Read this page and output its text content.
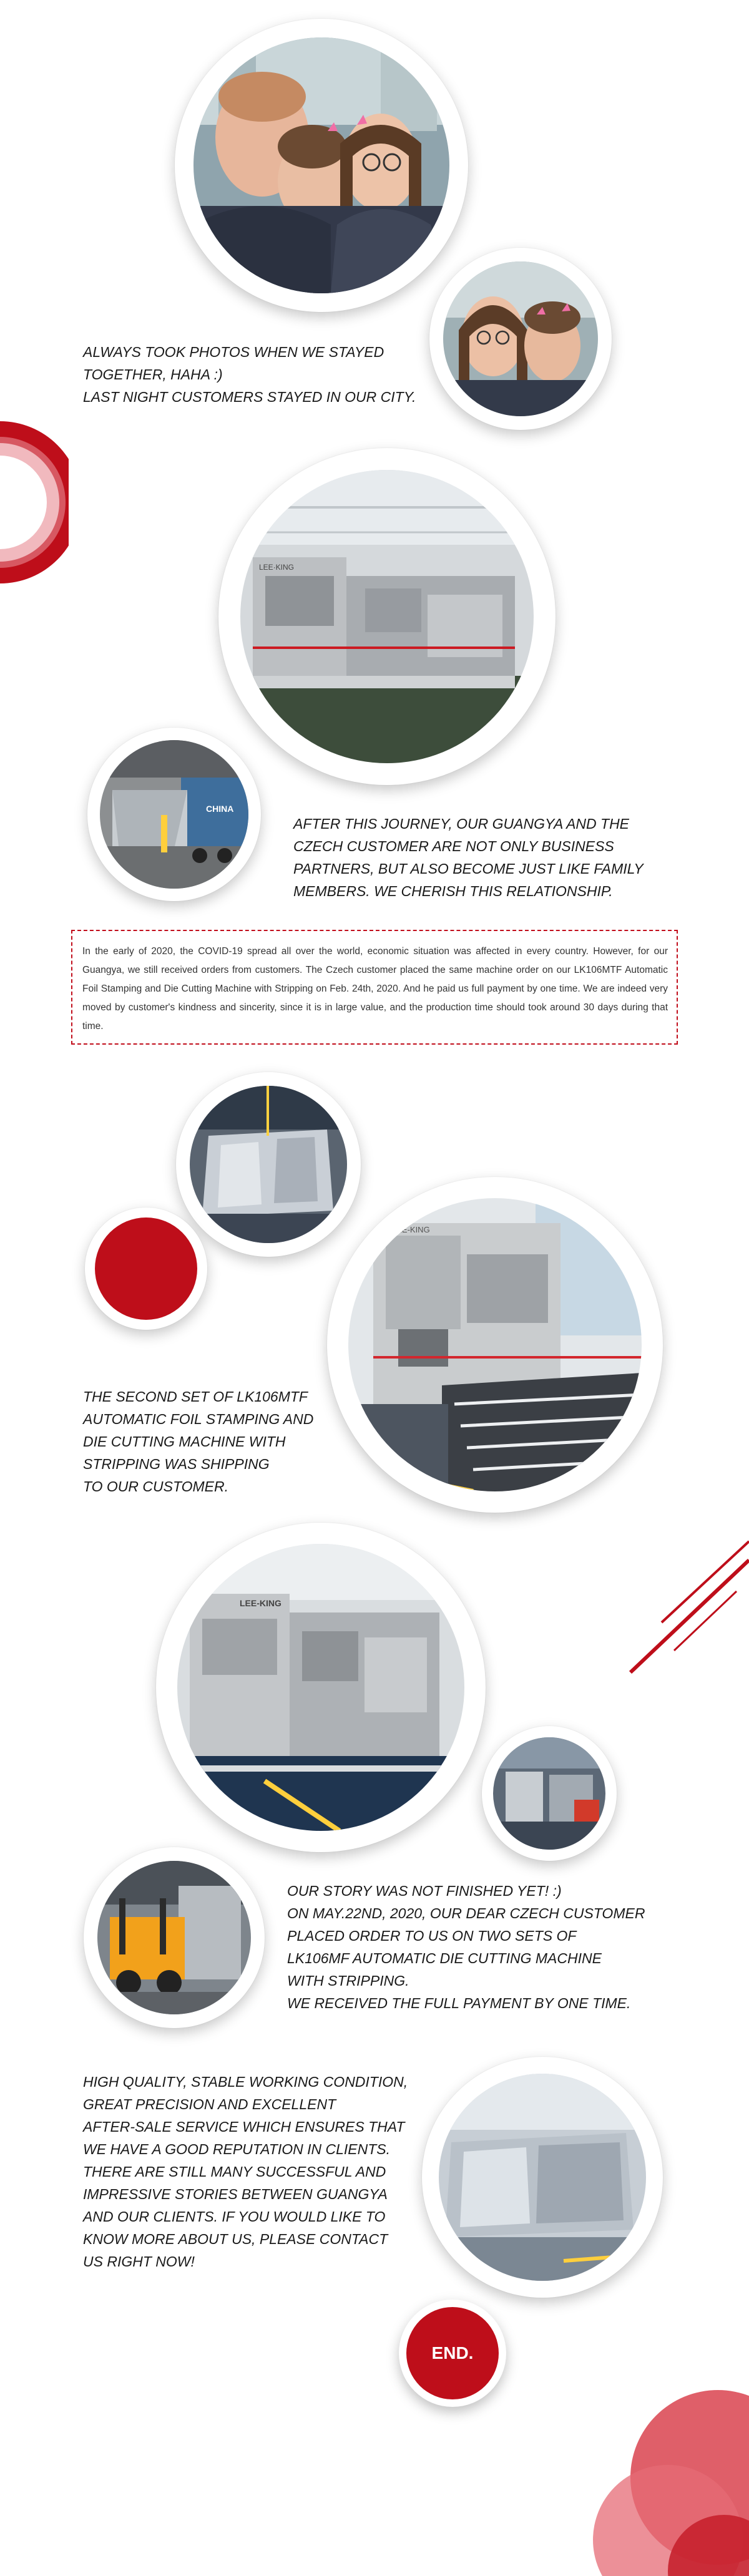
ALWAYS TOOK PHOTOS WHEN WE STAYED
TOGETHER, HAHA :)
LAST NIGHT CUSTOMERS STAYED IN OUR CITY.

LEE·KING
CHINA

AFTER THIS JOURNEY, OUR GUANGYA AND THE
CZECH CUSTOMER ARE NOT ONLY BUSINESS
PARTNERS, BUT ALSO BECOME JUST LIKE FAMILY
MEMBERS. WE CHERISH THIS RELATIONSHIP.

In the early of 2020, the COVID-19 spread all over the world, economic situation was affected in every country. However, for our Guangya, we still received orders from customers. The Czech customer placed the same machine order on our LK106MTF Automatic Foil Stamping and Die Cutting Machine with Stripping on Feb. 24th, 2020. And he paid us full payment by one time. We are indeed very moved by customer's kindness and sincerity, since it is in large value, and the production time should took around 30 days during that time.
LEE-KING

THE SECOND SET OF LK106MTF
AUTOMATIC FOIL STAMPING AND
DIE CUTTING MACHINE WITH
STRIPPING WAS SHIPPING
TO OUR CUSTOMER.

LEE-KING

OUR STORY WAS NOT FINISHED YET! :)
ON MAY.22ND, 2020, OUR DEAR CZECH CUSTOMER
PLACED ORDER TO US ON TWO SETS OF
LK106MF AUTOMATIC DIE CUTTING MACHINE
WITH STRIPPING.
WE RECEIVED THE FULL PAYMENT BY ONE TIME.

HIGH QUALITY, STABLE WORKING CONDITION,
GREAT PRECISION AND EXCELLENT
AFTER-SALE SERVICE WHICH ENSURES THAT
WE HAVE A GOOD REPUTATION IN CLIENTS.
THERE ARE STILL MANY SUCCESSFUL AND
IMPRESSIVE STORIES BETWEEN GUANGYA
AND OUR CLIENTS. IF YOU WOULD LIKE TO
KNOW MORE ABOUT US, PLEASE CONTACT
US RIGHT NOW!

END.
